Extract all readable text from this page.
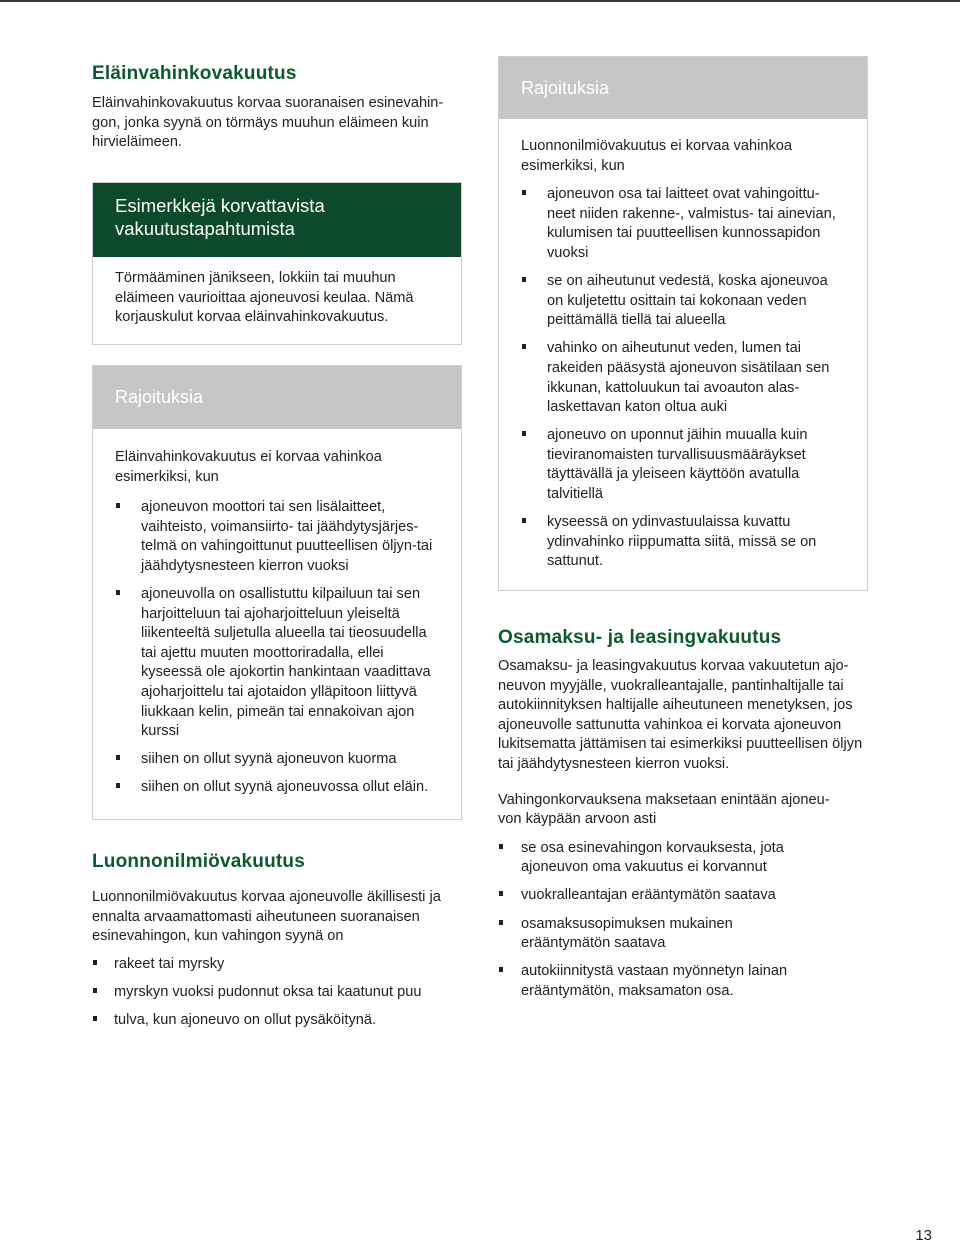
Eläinvahinkovakuutus

Eläinvahinkovakuutus korvaa suoranaisen esinevahin-gon, jonka syynä on törmäys muuhun eläimeen kuin hirvieläimeen.

Esimerkkejä korvattavista
vakuutustapahtumista

Törmääminen jänikseen, lokkiin tai muuhun eläimeen vaurioittaa ajoneuvosi keulaa. Nämä korjauskulut korvaa eläinvahinkovakuutus.

Rajoituksia

Eläinvahinkovakuutus ei korvaa vahinkoa esimerkiksi, kun

ajoneuvon moottori tai sen lisälaitteet, vaihteisto, voimansiirto- tai jäähdytysjärjes-telmä on vahingoittunut puutteellisen öljyn-tai jäähdytysnesteen kierron vuoksi
ajoneuvolla on osallistuttu kilpailuun tai sen harjoitteluun tai ajoharjoitteluun yleiseltä liikenteeltä suljetulla alueella tai tieosuudella tai ajettu muuten moottoriradalla, ellei kyseessä ole ajokortin hankintaan vaadittava ajoharjoittelu tai ajotaidon ylläpitoon liittyvä liukkaan kelin, pimeän tai ennakoivan ajon kurssi
siihen on ollut syynä ajoneuvon kuorma
siihen on ollut syynä ajoneuvossa ollut eläin.
Luonnonilmiövakuutus

Luonnonilmiövakuutus korvaa ajoneuvolle äkillisesti ja ennalta arvaamattomasti aiheutuneen suoranaisen esinevahingon, kun vahingon syynä on

rakeet tai myrsky
myrskyn vuoksi pudonnut oksa tai kaatunut puu
tulva, kun ajoneuvo on ollut pysäköitynä.
Rajoituksia

Luonnonilmiövakuutus ei korvaa vahinkoa esimerkiksi, kun

ajoneuvon osa tai laitteet ovat vahingoittu-neet niiden rakenne-, valmistus- tai ainevian, kulumisen tai puutteellisen kunnossapidon vuoksi
se on aiheutunut vedestä, koska ajoneuvoa on kuljetettu osittain tai kokonaan veden peittämällä tiellä tai alueella
vahinko on aiheutunut veden, lumen tai rakeiden pääsystä ajoneuvon sisätilaan sen ikkunan, kattoluukun tai avoauton alas-laskettavan katon oltua auki
ajoneuvo on uponnut jäihin muualla kuin tieviranomaisten turvallisuusmääräykset täyttävällä ja yleiseen käyttöön avatulla talvitiellä
kyseessä on ydinvastuulaissa kuvattu ydinvahinko riippumatta siitä, missä se on sattunut.
Osamaksu- ja leasingvakuutus

Osamaksu- ja leasingvakuutus korvaa vakuutetun ajo-neuvon myyjälle, vuokralleantajalle, pantinhaltijalle tai autokiinnityksen haltijalle aiheutuneen menetyksen, jos ajoneuvolle sattunutta vahinkoa ei korvata ajoneuvon lukitsematta jättämisen tai esimerkiksi puutteellisen öljyn tai jäähdytysnesteen kierron vuoksi.

Vahingonkorvauksena maksetaan enintään ajoneu-von käypään arvoon asti

se osa esinevahingon korvauksesta, jota ajoneuvon oma vakuutus ei korvannut
vuokralleantajan erääntymätön saatava
osamaksusopimuksen mukainen erääntymätön saatava
autokiinnitystä vastaan myönnetyn lainan erääntymätön, maksamaton osa.
13
